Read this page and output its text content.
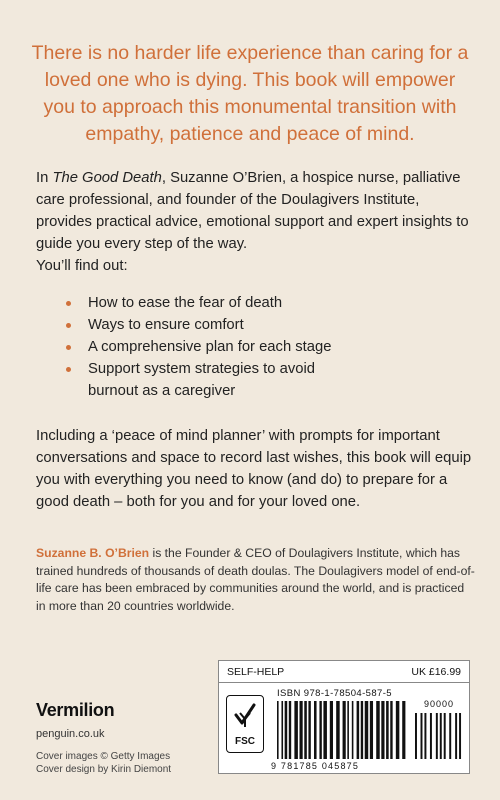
There is no harder life experience than caring for a loved one who is dying. This book will empower you to approach this monumental transition with empathy, patience and peace of mind.

In The Good Death, Suzanne O’Brien, a hospice nurse, palliative care professional, and founder of the Doulagivers Institute, provides practical advice, emotional support and expert insights to guide you every step of the way.
You’ll find out:

How to ease the fear of death
Ways to ensure comfort
A comprehensive plan for each stage
Support system strategies to avoid burnout as a caregiver

Including a ‘peace of mind planner’ with prompts for important conversations and space to record last wishes, this book will equip you with everything you need to know (and do) to prepare for a good death – both for you and for your loved one.

Suzanne B. O’Brien is the Founder & CEO of Doulagivers Institute, which has trained hundreds of thousands of death doulas. The Doulagivers model of end-of-life care has been embraced by communities around the world, and is practiced in more than 20 countries worldwide.

Vermilion
penguin.co.uk
Cover images © Getty Images
Cover design by Kirin Diemont
SELF-HELP	UK £16.99
FSC
ISBN 978-1-78504-587-5
90000
9 781785 045875
